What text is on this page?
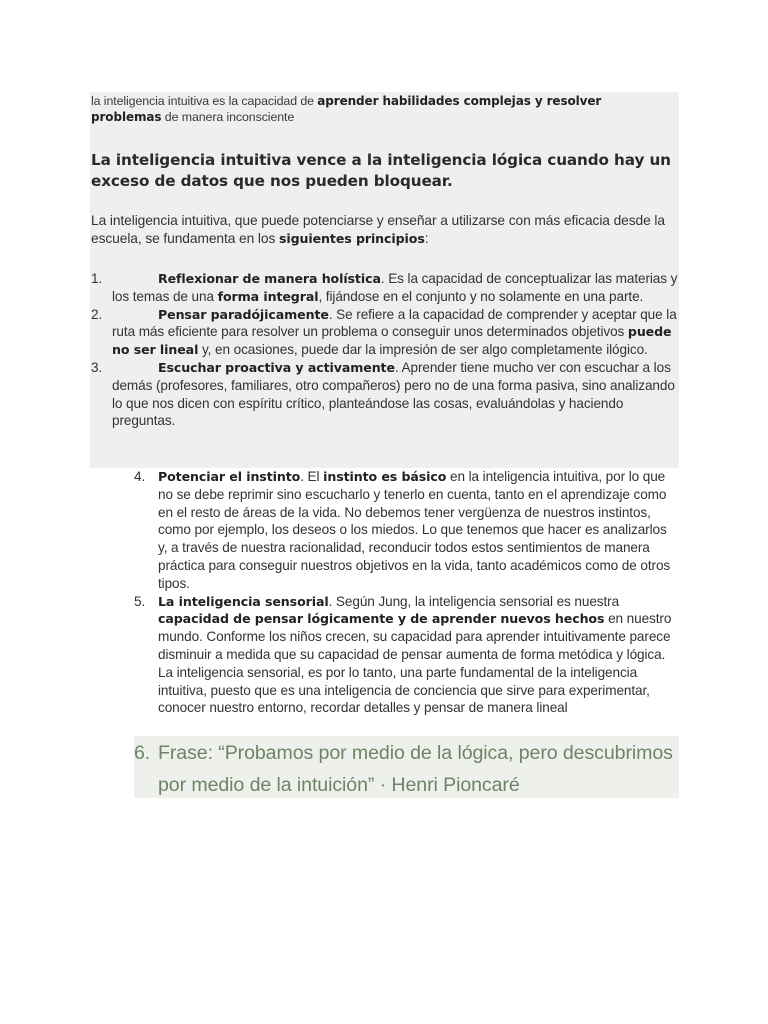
la inteligencia intuitiva es la capacidad de aprender habilidades complejas y resolver problemas de manera inconsciente

La inteligencia intuitiva vence a la inteligencia lógica cuando hay un exceso de datos que nos pueden bloquear.

La inteligencia intuitiva, que puede potenciarse y enseñar a utilizarse con más eficacia desde la escuela, se fundamenta en los siguientes principios:

1.	Reflexionar de manera holística. Es la capacidad de conceptualizar las materias y los temas de una forma integral, fijándose en el conjunto y no solamente en una parte.
2.	Pensar paradójicamente. Se refiere a la capacidad de comprender y aceptar que la ruta más eficiente para resolver un problema o conseguir unos determinados objetivos puede no ser lineal y, en ocasiones, puede dar la impresión de ser algo completamente ilógico.
3.	Escuchar proactiva y activamente. Aprender tiene mucho ver con escuchar a los demás (profesores, familiares, otro compañeros) pero no de una forma pasiva, sino analizando lo que nos dicen con espíritu crítico, planteándose las cosas, evaluándolas y haciendo preguntas.
4. Potenciar el instinto. El instinto es básico en la inteligencia intuitiva, por lo que no se debe reprimir sino escucharlo y tenerlo en cuenta, tanto en el aprendizaje como en el resto de áreas de la vida. No debemos tener vergüenza de nuestros instintos, como por ejemplo, los deseos o los miedos. Lo que tenemos que hacer es analizarlos y, a través de nuestra racionalidad, reconducir todos estos sentimientos de manera práctica para conseguir nuestros objetivos en la vida, tanto académicos como de otros tipos.
5. La inteligencia sensorial. Según Jung, la inteligencia sensorial es nuestra capacidad de pensar lógicamente y de aprender nuevos hechos en nuestro mundo. Conforme los niños crecen, su capacidad para aprender intuitivamente parece disminuir a medida que su capacidad de pensar aumenta de forma metódica y lógica. La inteligencia sensorial, es por lo tanto, una parte fundamental de la inteligencia intuitiva, puesto que es una inteligencia de conciencia que sirve para experimentar, conocer nuestro entorno, recordar detalles y pensar de manera lineal
6. Frase: “Probamos por medio de la lógica, pero descubrimos por medio de la intuición” · Henri Pioncaré
